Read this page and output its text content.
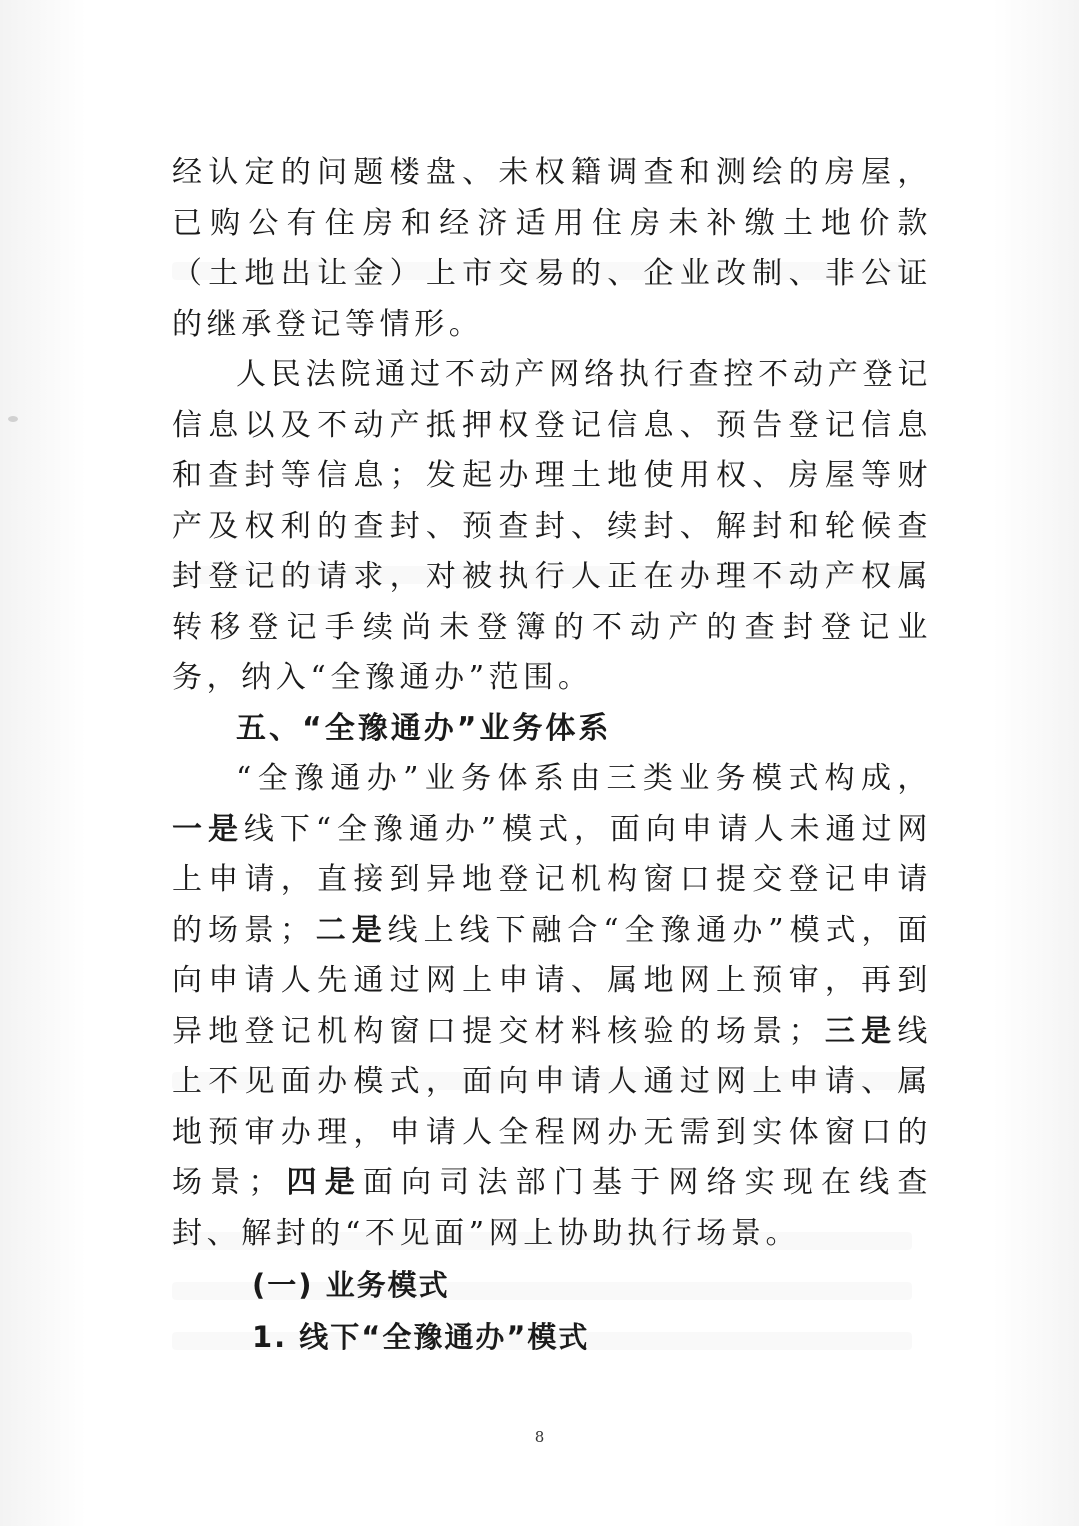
经认定的问题楼盘、未权籍调查和测绘的房屋，已购公有住房和经济适用住房未补缴土地价款（土地出让金）上市交易的、企业改制、非公证的继承登记等情形。

人民法院通过不动产网络执行查控不动产登记信息以及不动产抵押权登记信息、预告登记信息和查封等信息；发起办理土地使用权、房屋等财产及权利的查封、预查封、续封、解封和轮候查封登记的请求，对被执行人正在办理不动产权属转移登记手续尚未登簿的不动产的查封登记业务，纳入“全豫通办”范围。

五、“全豫通办”业务体系

“全豫通办”业务体系由三类业务模式构成，一是线下“全豫通办”模式，面向申请人未通过网上申请，直接到异地登记机构窗口提交登记申请的场景；二是线上线下融合“全豫通办”模式，面向申请人先通过网上申请、属地网上预审，再到异地登记机构窗口提交材料核验的场景；三是线上不见面办模式，面向申请人通过网上申请、属地预审办理，申请人全程网办无需到实体窗口的场景；四是面向司法部门基于网络实现在线查封、解封的“不见面”网上协助执行场景。

(一) 业务模式

1. 线下“全豫通办”模式

8
